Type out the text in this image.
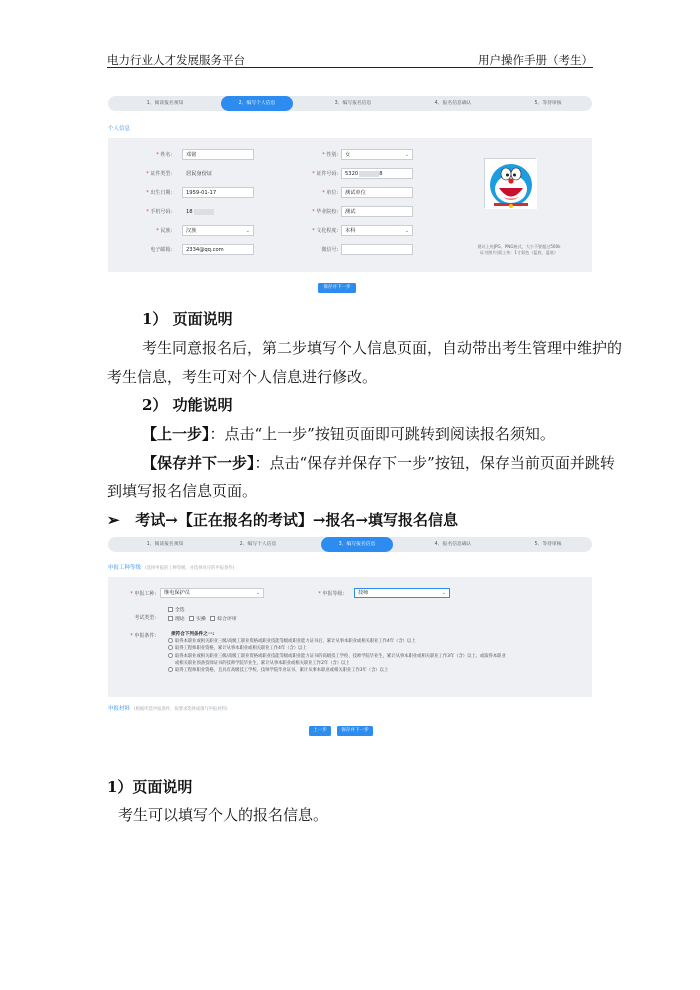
电力行业人才发展服务平台	用户操作手册（考生）
1、阅读报名须知	2、编写个人信息	3、编写报名信息	4、报名信息确认	5、等待审核
个人信息
* 姓名:	邓铭	* 性别:	女	⌄
* 证件类型:	居民身份证	* 证件号码:	5320	8
* 出生日期:	1959-01-17	* 单位:	测试单位
* 手机号码:	18	* 毕业院校:	测试
* 民族:	汉族	⌄	* 文化程度:	本科	⌄
电子邮箱:	2334@qq.com	微信号:
建议上传JPG、PNG格式，大小不要超过500k
证书照片(需上传：1寸彩色（蓝底、蓝底）
保存并下一步
1） 页面说明
考生同意报名后，第二步填写个人信息页面，自动带出考生管理中维护的
考生信息，考生可对个人信息进行修改。
2） 功能说明
【上一步】：点击“上一步”按钮页面即可跳转到阅读报名须知。
【保存并下一步】：点击“保存并保存下一步”按钮，保存当前页面并跳转
到填写报名信息页面。
➢ 考试→【正在报名的考试】→报名→填写报名信息
1、阅读报名须知	2、编写个人信息	3、编写报名信息	4、报名信息确认	5、等待审核
申报工种等级 (选择申报的工种等级，并选择对应的申报条件)
* 申报工种:	继电保护员	⌄	* 申报等级:	技师	⌄
考试类型:
全选
理论 实操 综合评审
* 申报条件:	须符合下列条件之一:
取得本职业或相关职业三级/高级工职业资格或职业技能等级或职业能力证书后，累计从事本职业或相关职业工作4年（含）以上
取得工程师职业资格，累计从事本职业或相关职业工作4年（含）以上
取得本职业或相关职业三级/高级工职业资格或职业技能等级或职业能力证书的高级技工学校、技师学院毕业生，累计从事本职业或相关职业工作3年（含）以上；或取得本职业
或相关职业预备技师证书的技师学院毕业生，累计从事本职业或相关职业工作2年（含）以上
取得工程师职业资格，且具有高级技工学校、技师学院毕业证书，累计从事本职业或相关职业工作3年（含）以上
申报材料 (根据所选申报条件，按要求选择或填写申报材料)
上一步	保存并下一步
1）页面说明
考生可以填写个人的报名信息。
